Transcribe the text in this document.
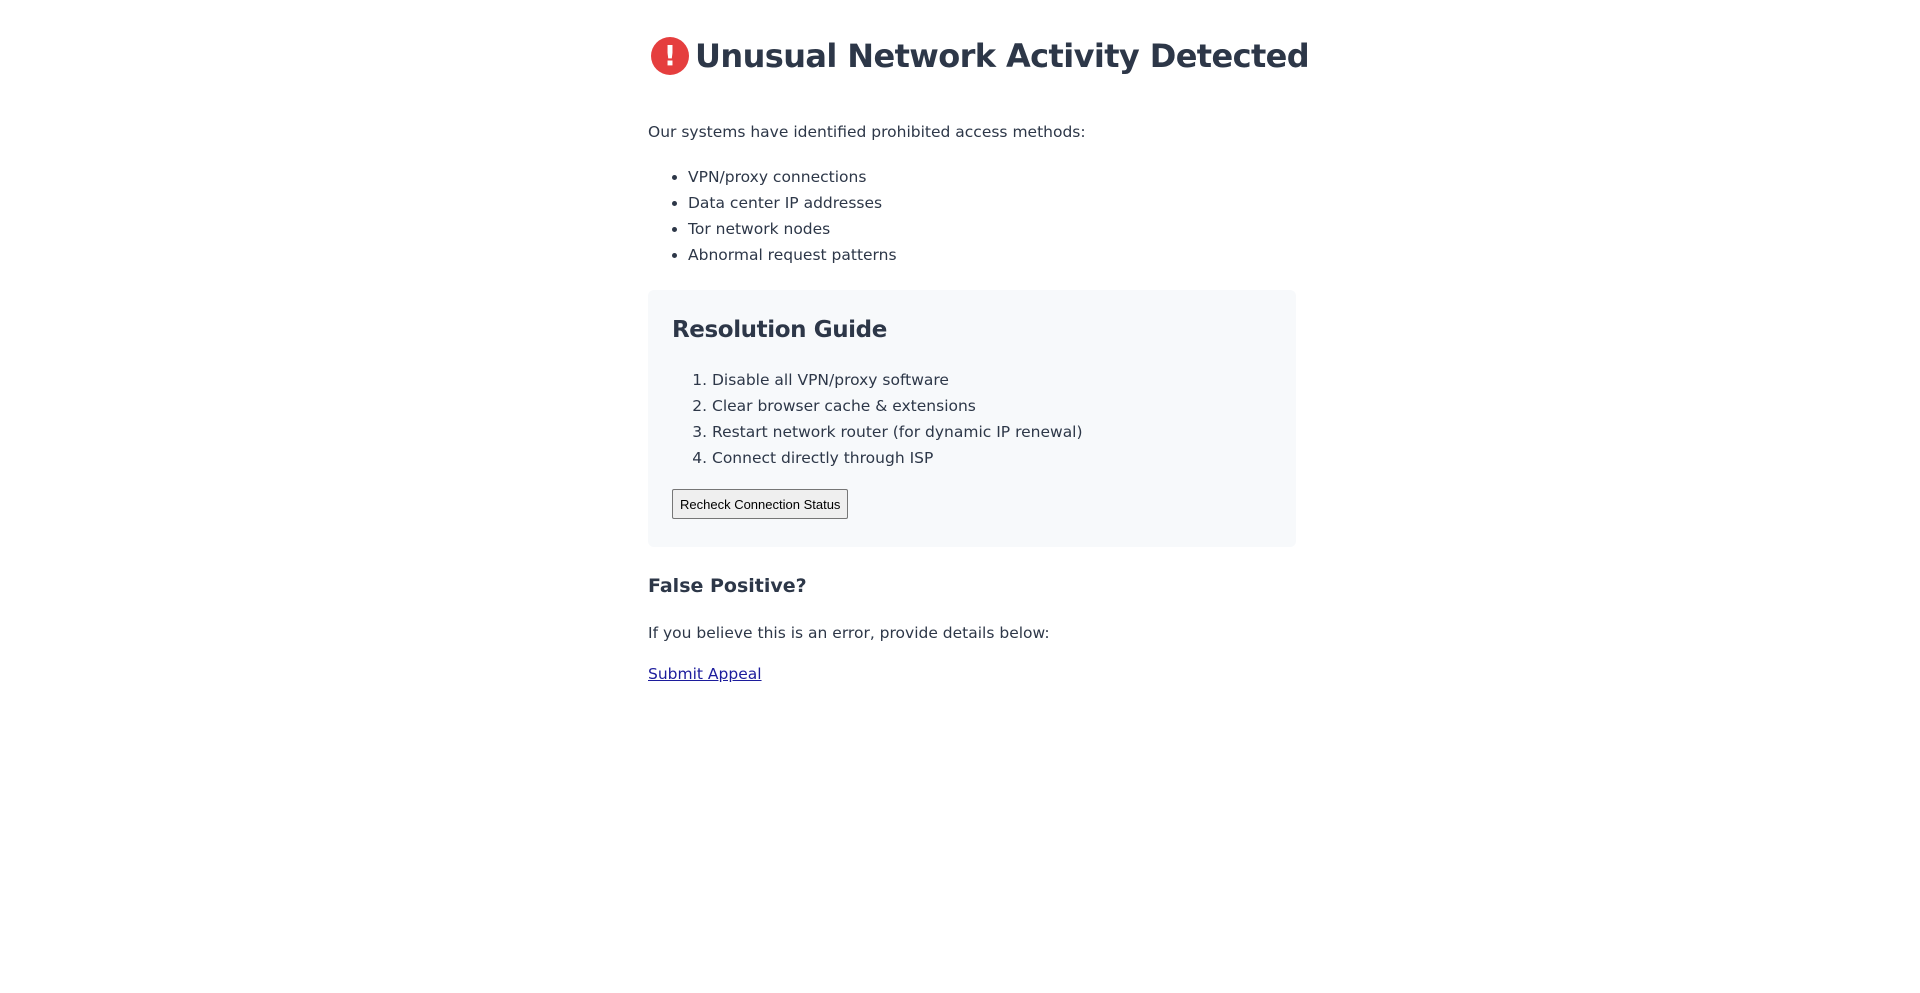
! Unusual Network Activity Detected

Our systems have identified prohibited access methods:

• VPN/proxy connections
• Data center IP addresses
• Tor network nodes
• Abnormal request patterns
Resolution Guide
1. Disable all VPN/proxy software
2. Clear browser cache & extensions
3. Restart network router (for dynamic IP renewal)
4. Connect directly through ISP
Recheck Connection Status
False Positive?

If you believe this is an error, provide details below:

Submit Appeal
